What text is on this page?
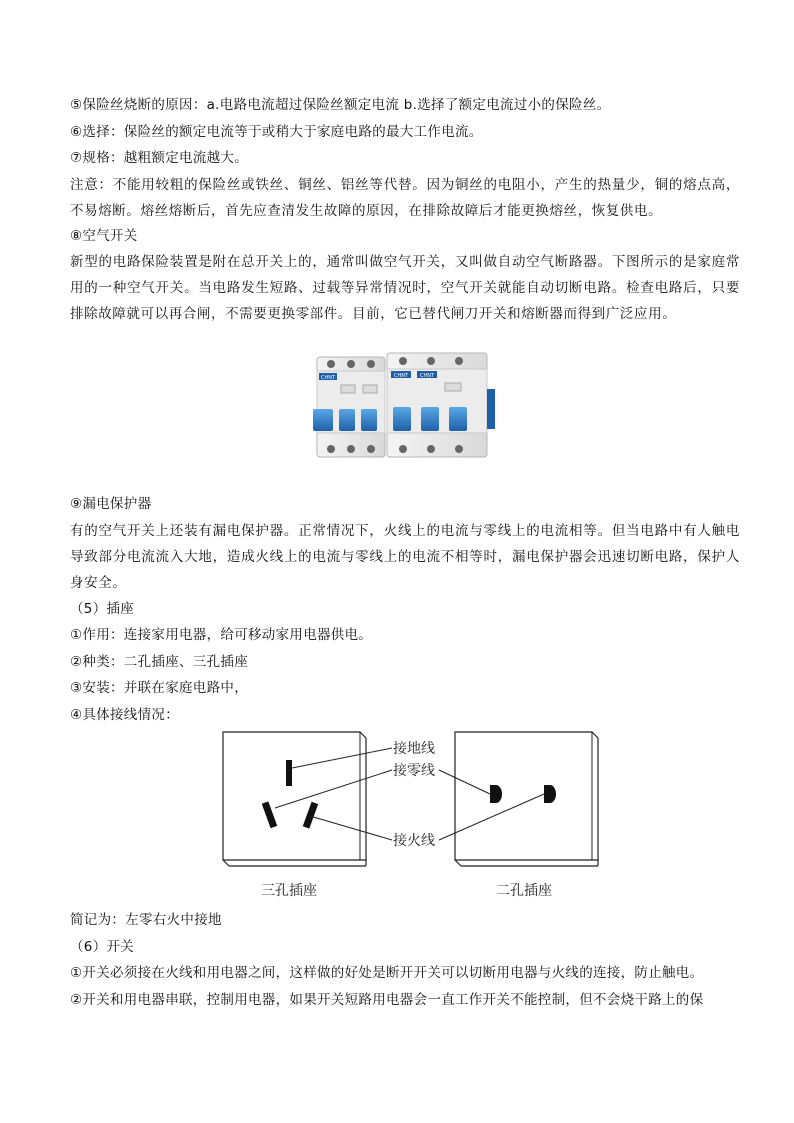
⑤保险丝烧断的原因：a.电路电流超过保险丝额定电流 b.选择了额定电流过小的保险丝。
⑥选择：保险丝的额定电流等于或稍大于家庭电路的最大工作电流。
⑦规格：越粗额定电流越大。
注意：不能用较粗的保险丝或铁丝、铜丝、铝丝等代替。因为铜丝的电阻小，产生的热量少，铜的熔点高，不易熔断。熔丝熔断后，首先应查清发生故障的原因，在排除故障后才能更换熔丝，恢复供电。
⑧空气开关
新型的电路保险装置是附在总开关上的，通常叫做空气开关，又叫做自动空气断路器。下图所示的是家庭常用的一种空气开关。当电路发生短路、过载等异常情况时，空气开关就能自动切断电路。检查电路后，只要排除故障就可以再合闸，不需要更换零部件。目前，它已替代闸刀开关和熔断器而得到广泛应用。
CHNT	CHNT CHNT
⑨漏电保护器
有的空气开关上还装有漏电保护器。正常情况下，火线上的电流与零线上的电流相等。但当电路中有人触电导致部分电流流入大地，造成火线上的电流与零线上的电流不相等时，漏电保护器会迅速切断电路，保护人身安全。
（5）插座
①作用：连接家用电器，给可移动家用电器供电。
②种类：二孔插座、三孔插座
③安装：并联在家庭电路中，
④具体接线情况：
接地线
接零线
接火线
三孔插座	二孔插座
简记为：左零右火中接地
（6）开关
①开关必须接在火线和用电器之间，这样做的好处是断开开关可以切断用电器与火线的连接，防止触电。
②开关和用电器串联，控制用电器，如果开关短路用电器会一直工作开关不能控制，但不会烧干路上的保
